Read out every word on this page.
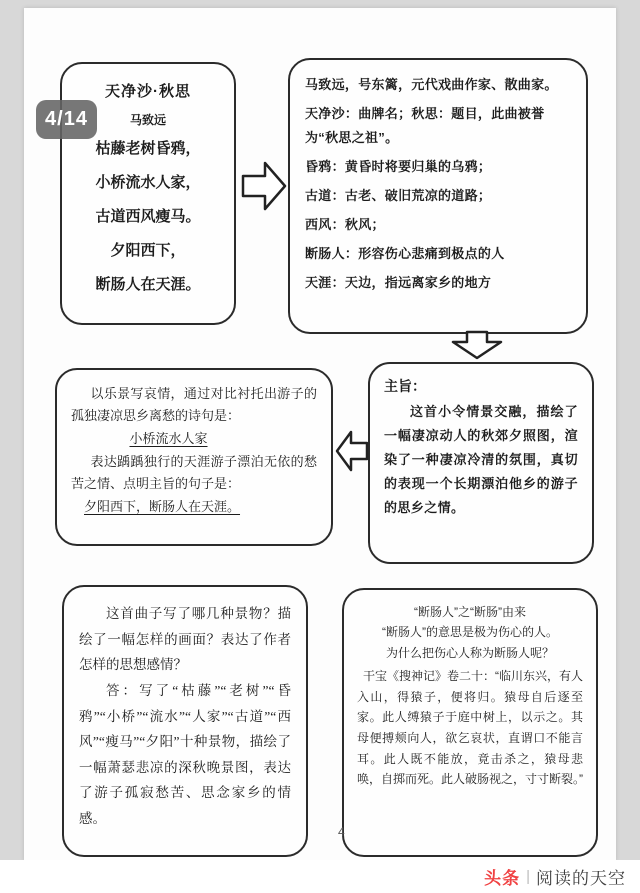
天净沙·秋思
马致远
枯藤老树昏鸦，
小桥流水人家，
古道西风瘦马。
夕阳西下，
断肠人在天涯。

马致远，号东篱，元代戏曲作家、散曲家。

天净沙：曲牌名；秋思：题目，此曲被誉为“秋思之祖”。

昏鸦：黄昏时将要归巢的乌鸦；

古道：古老、破旧荒凉的道路；

西风：秋风；

断肠人：形容伤心悲痛到极点的人

天涯：天边，指远离家乡的地方

主旨：
这首小令情景交融，描绘了一幅凄凉动人的秋郊夕照图，渲染了一种凄凉冷清的氛围，真切的表现一个长期漂泊他乡的游子的思乡之情。
以乐景写哀情，通过对比衬托出游子的孤独凄凉思乡离愁的诗句是：
小桥流水人家
表达踽踽独行的天涯游子漂泊无依的愁苦之情、点明主旨的句子是：
夕阳西下，断肠人在天涯。

这首曲子写了哪几种景物？描绘了一幅怎样的画面？表达了作者怎样的思想感情？

答：写了“枯藤”“老树”“昏鸦”“小桥”“流水”“人家”“古道”“西风”“瘦马”“夕阳”十种景物，描绘了一幅萧瑟悲凉的深秋晚景图，表达了游子孤寂愁苦、思念家乡的情感。

“断肠人”之“断肠”由来
“断肠人”的意思是极为伤心的人。
为什么把伤心人称为断肠人呢？
干宝《搜神记》卷二十：“临川东兴，有人入山，得猿子，便将归。猿母自后逐至家。此人缚猿子于庭中树上，以示之。其母便搏颊向人，欲乞哀状，直谓口不能言耳。此人既不能放，竟击杀之，猿母悲唤，自掷而死。此人破肠视之，寸寸断裂。”
4
4/14
头条 | 阅读的天空
